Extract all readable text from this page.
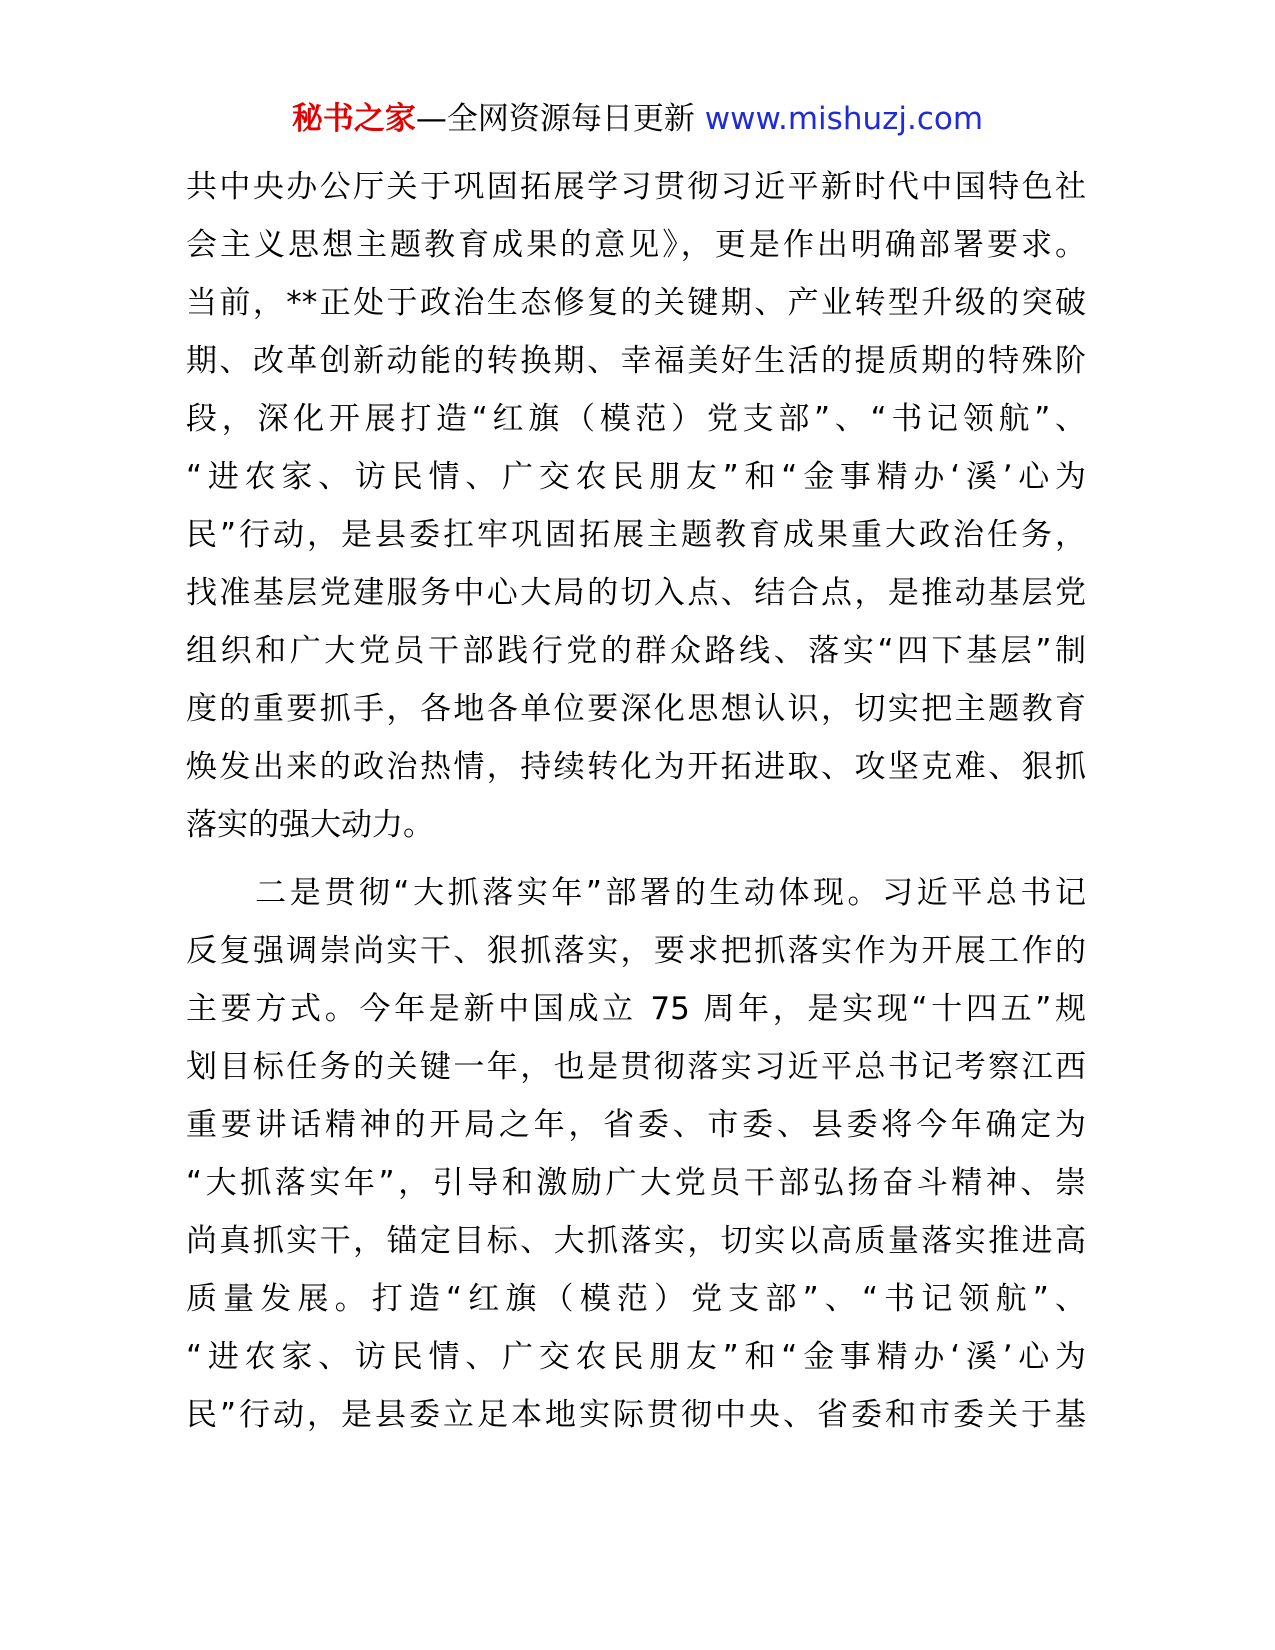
秘书之家—全网资源每日更新 www.mishuzj.com
共中央办公厅关于巩固拓展学习贯彻习近平新时代中国特色社
会主义思想主题教育成果的意见》，更是作出明确部署要求。
当前，**正处于政治生态修复的关键期、产业转型升级的突破
期、改革创新动能的转换期、幸福美好生活的提质期的特殊阶
段，深化开展打造“红旗（模范）党支部”、“书记领航”、
“进农家、访民情、广交农民朋友”和“金事精办‘溪’心为
民”行动，是县委扛牢巩固拓展主题教育成果重大政治任务，
找准基层党建服务中心大局的切入点、结合点，是推动基层党
组织和广大党员干部践行党的群众路线、落实“四下基层”制
度的重要抓手，各地各单位要深化思想认识，切实把主题教育
焕发出来的政治热情，持续转化为开拓进取、攻坚克难、狠抓
落实的强大动力。
　　二是贯彻“大抓落实年”部署的生动体现。习近平总书记
反复强调崇尚实干、狠抓落实，要求把抓落实作为开展工作的
主要方式。今年是新中国成立 75 周年，是实现“十四五”规
划目标任务的关键一年，也是贯彻落实习近平总书记考察江西
重要讲话精神的开局之年，省委、市委、县委将今年确定为
“大抓落实年”，引导和激励广大党员干部弘扬奋斗精神、崇
尚真抓实干，锚定目标、大抓落实，切实以高质量落实推进高
质量发展。打造“红旗（模范）党支部”、“书记领航”、
“进农家、访民情、广交农民朋友”和“金事精办‘溪’心为
民”行动，是县委立足本地实际贯彻中央、省委和市委关于基
